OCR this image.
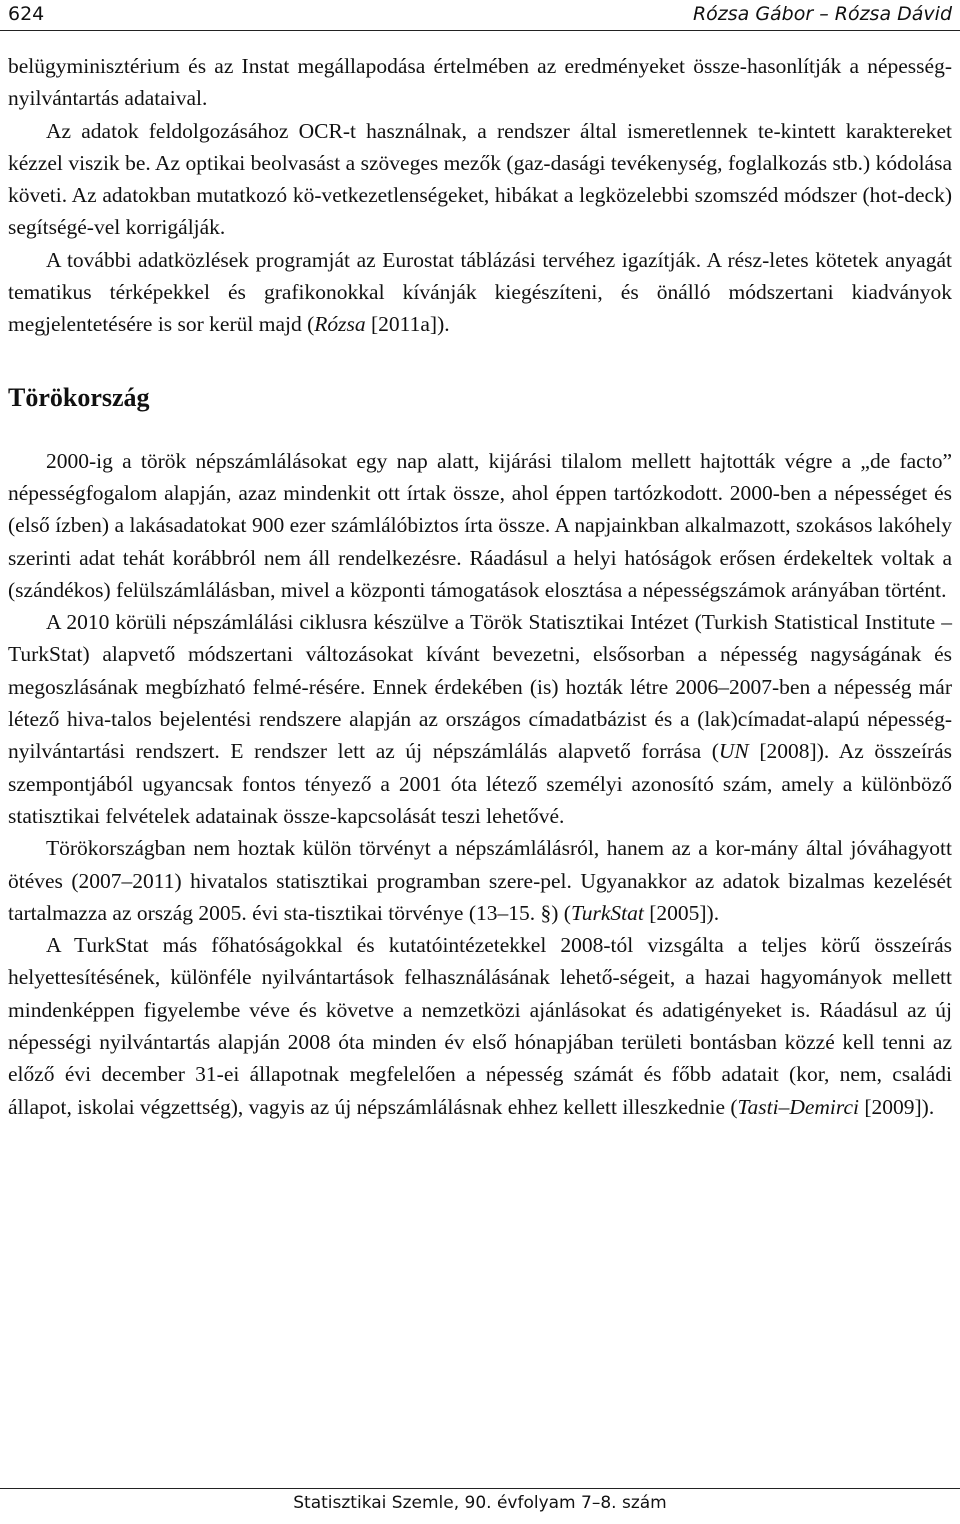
624	Rózsa Gábor – Rózsa Dávid

belügyminisztérium és az Instat megállapodása értelmében az eredményeket össze-hasonlítják a népesség-nyilvántartás adataival.

Az adatok feldolgozásához OCR-t használnak, a rendszer által ismeretlennek te-kintett karaktereket kézzel viszik be. Az optikai beolvasást a szöveges mezők (gaz-dasági tevékenység, foglalkozás stb.) kódolása követi. Az adatokban mutatkozó kö-vetkezetlenségeket, hibákat a legközelebbi szomszéd módszer (hot-deck) segítségé-vel korrigálják.

A további adatközlések programját az Eurostat táblázási tervéhez igazítják. A rész-letes kötetek anyagát tematikus térképekkel és grafikonokkal kívánják kiegészíteni, és önálló módszertani kiadványok megjelentetésére is sor kerül majd (Rózsa [2011a]).

Törökország

2000-ig a török népszámlálásokat egy nap alatt, kijárási tilalom mellett hajtották végre a „de facto” népességfogalom alapján, azaz mindenkit ott írtak össze, ahol éppen tartózkodott. 2000-ben a népességet és (első ízben) a lakásadatokat 900 ezer számlálóbiztos írta össze. A napjainkban alkalmazott, szokásos lakóhely szerinti adat tehát korábbról nem áll rendelkezésre. Ráadásul a helyi hatóságok erősen érdekeltek voltak a (szándékos) felülszámlálásban, mivel a központi támogatások elosztása a népességszámok arányában történt.

A 2010 körüli népszámlálási ciklusra készülve a Török Statisztikai Intézet (Turkish Statistical Institute – TurkStat) alapvető módszertani változásokat kívánt bevezetni, elsősorban a népesség nagyságának és megoszlásának megbízható felmé-résére. Ennek érdekében (is) hozták létre 2006–2007-ben a népesség már létező hiva-talos bejelentési rendszere alapján az országos címadatbázist és a (lak)címadat-alapú népesség-nyilvántartási rendszert. E rendszer lett az új népszámlálás alapvető forrása (UN [2008]). Az összeírás szempontjából ugyancsak fontos tényező a 2001 óta létező személyi azonosító szám, amely a különböző statisztikai felvételek adatainak össze-kapcsolását teszi lehetővé.

Törökországban nem hoztak külön törvényt a népszámlálásról, hanem az a kor-mány által jóváhagyott ötéves (2007–2011) hivatalos statisztikai programban szere-pel. Ugyanakkor az adatok bizalmas kezelését tartalmazza az ország 2005. évi sta-tisztikai törvénye (13–15. §) (TurkStat [2005]).

A TurkStat más főhatóságokkal és kutatóintézetekkel 2008-tól vizsgálta a teljes körű összeírás helyettesítésének, különféle nyilvántartások felhasználásának lehető-ségeit, a hazai hagyományok mellett mindenképpen figyelembe véve és követve a nemzetközi ajánlásokat és adatigényeket is. Ráadásul az új népességi nyilvántartás alapján 2008 óta minden év első hónapjában területi bontásban közzé kell tenni az előző évi december 31-ei állapotnak megfelelően a népesség számát és főbb adatait (kor, nem, családi állapot, iskolai végzettség), vagyis az új népszámlálásnak ehhez kellett illeszkednie (Tasti–Demirci [2009]).

Statisztikai Szemle, 90. évfolyam 7–8. szám
